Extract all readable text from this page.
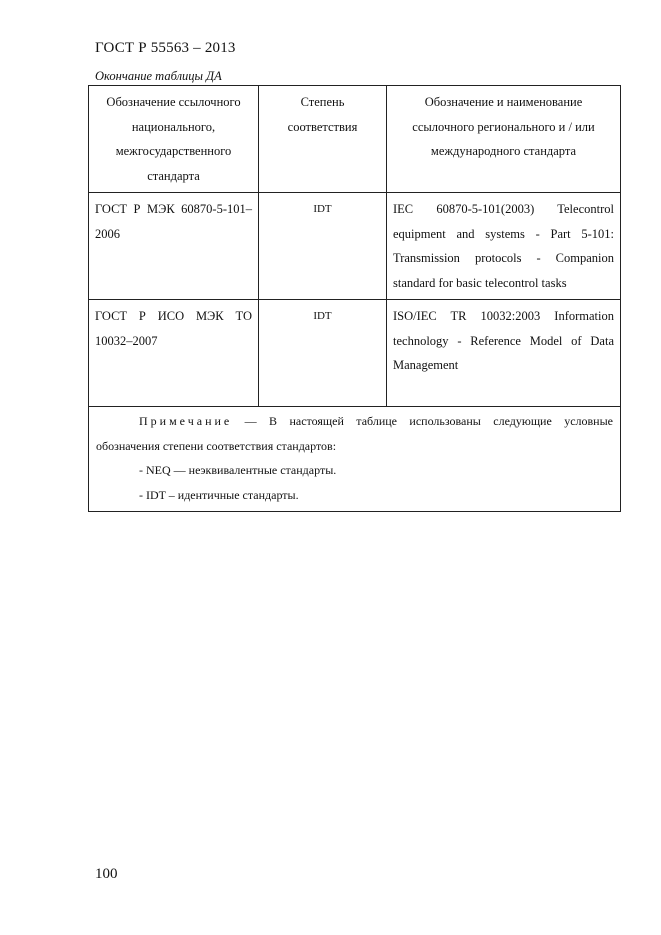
ГОСТ Р 55563 – 2013
Окончание таблицы ДА
Обозначение ссылочного национального, межгосударственного стандарта	Степень соответствия	Обозначение и наименование ссылочного регионального и / или международного стандарта
ГОСТ Р МЭК 60870-5-101–2006	IDT	IEC 60870-5-101(2003) Telecontrol equipment and systems - Part 5-101: Transmission protocols - Companion standard for basic telecontrol tasks
ГОСТ Р ИСО МЭК ТО 10032–2007	IDT	ISO/IEC TR 10032:2003 Information technology - Reference Model of Data Management

Примечание — В настоящей таблице использованы следующие условные обозначения степени соответствия стандартов:

- NEQ — неэквивалентные стандарты.

- IDT – идентичные стандарты.		

100
